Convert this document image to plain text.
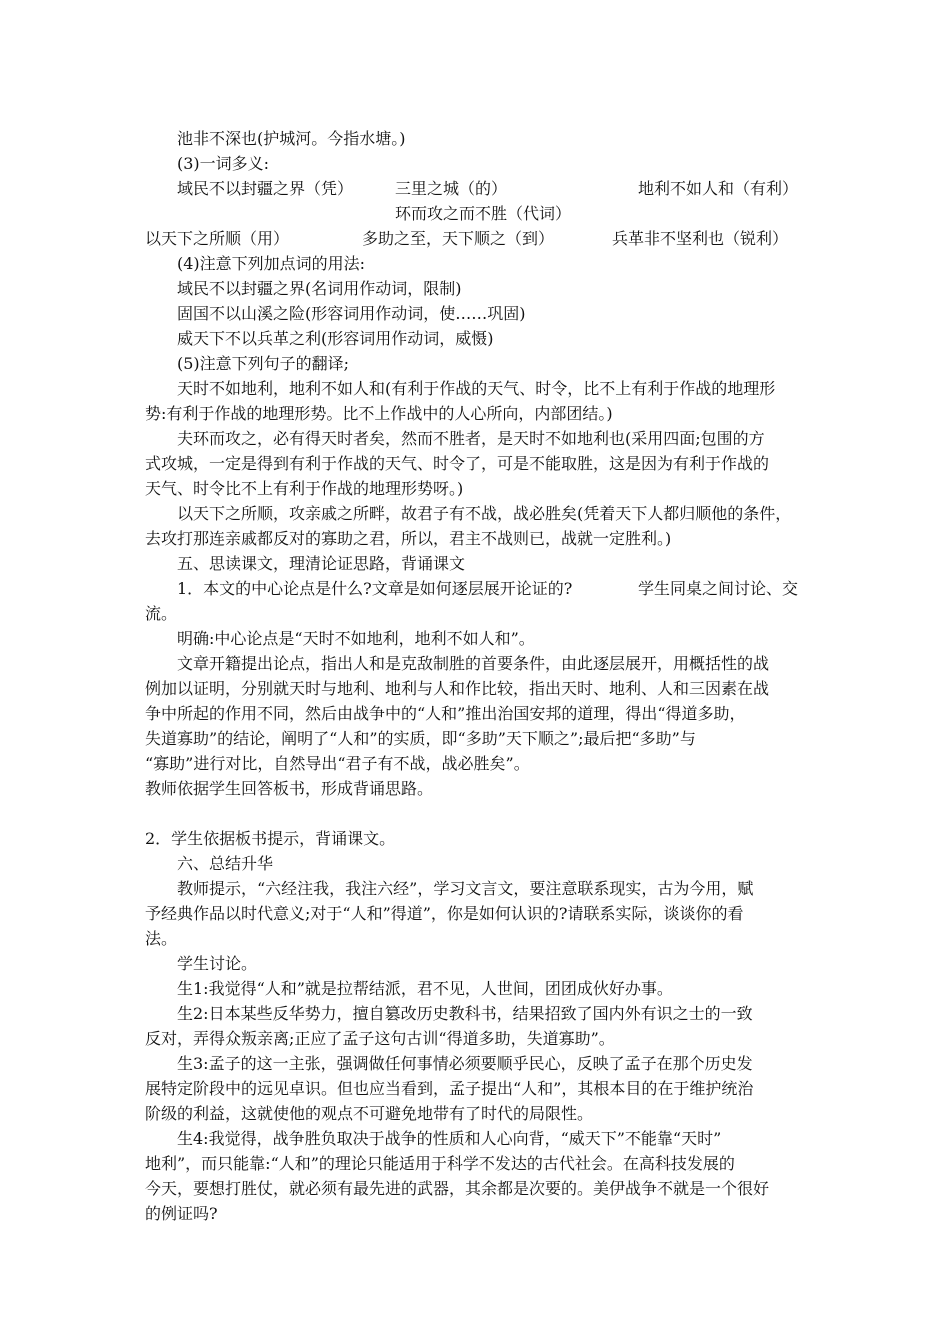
池非不深也(护城河。今指水塘。)
(3)一词多义:
域民不以封疆之界（凭）	三里之城（的）	地利不如人和（有利）
环而攻之而不胜（代词）
以天下之所顺（用）	多助之至，天下顺之（到）	兵革非不坚利也（锐利）
(4)注意下列加点词的用法:
域民不以封疆之界(名词用作动词，限制)
固国不以山溪之险(形容词用作动词，使……巩固)
威天下不以兵革之利(形容词用作动词，威慑)
(5)注意下列句子的翻译;
天时不如地利，地利不如人和(有利于作战的天气、时令，比不上有利于作战的地理形
势:有利于作战的地理形势。比不上作战中的人心所向，内部团结。)
夫环而攻之，必有得天时者矣，然而不胜者，是天时不如地利也(采用四面;包围的方
式攻城，一定是得到有利于作战的天气、时令了，可是不能取胜，这是因为有利于作战的
天气、时令比不上有利于作战的地理形势呀。)
以天下之所顺，攻亲戚之所畔，故君子有不战，战必胜矣(凭着天下人都归顺他的条件，
去攻打那连亲戚都反对的寡助之君，所以，君主不战则已，战就一定胜利。)
五、思读课文，理清论证思路，背诵课文
1．本文的中心论点是什么?文章是如何逐层展开论证的?	学生同桌之间讨论、交
流。
明确:中心论点是“天时不如地利，地利不如人和”。
文章开籍提出论点，指出人和是克敌制胜的首要条件，由此逐层展开，用概括性的战
例加以证明，分别就天时与地利、地利与人和作比较，指出天时、地利、人和三因素在战
争中所起的作用不同，然后由战争中的“人和”推出治国安邦的道理，得出“得道多助，
失道寡助”的结论，阐明了“人和”的实质，即“多助”天下顺之”;最后把“多助”与
“寡助”进行对比，自然导出“君子有不战，战必胜矣”。
教师依据学生回答板书，形成背诵思路。
2．学生依据板书提示，背诵课文。
六、总结升华
教师提示，“六经注我，我注六经”，学习文言文，要注意联系现实，古为今用，赋
予经典作品以时代意义;对于“人和”得道”，你是如何认识的?请联系实际，谈谈你的看
法。
学生讨论。
生1:我觉得“人和”就是拉帮结派，君不见，人世间，团团成伙好办事。
生2:日本某些反华势力，擅自篡改历史教科书，结果招致了国内外有识之士的一致
反对，弄得众叛亲离;正应了孟子这句古训“得道多助，失道寡助”。
生3:孟子的这一主张，强调做任何事情必须要顺乎民心，反映了孟子在那个历史发
展特定阶段中的远见卓识。但也应当看到，孟子提出“人和”，其根本目的在于维护统治
阶级的利益，这就使他的观点不可避免地带有了时代的局限性。
生4:我觉得，战争胜负取决于战争的性质和人心向背，“威天下”不能靠“天时”
地利”，而只能靠:“人和”的理论只能适用于科学不发达的古代社会。在高科技发展的
今天，要想打胜仗，就必须有最先进的武器，其余都是次要的。美伊战争不就是一个很好
的例证吗?
